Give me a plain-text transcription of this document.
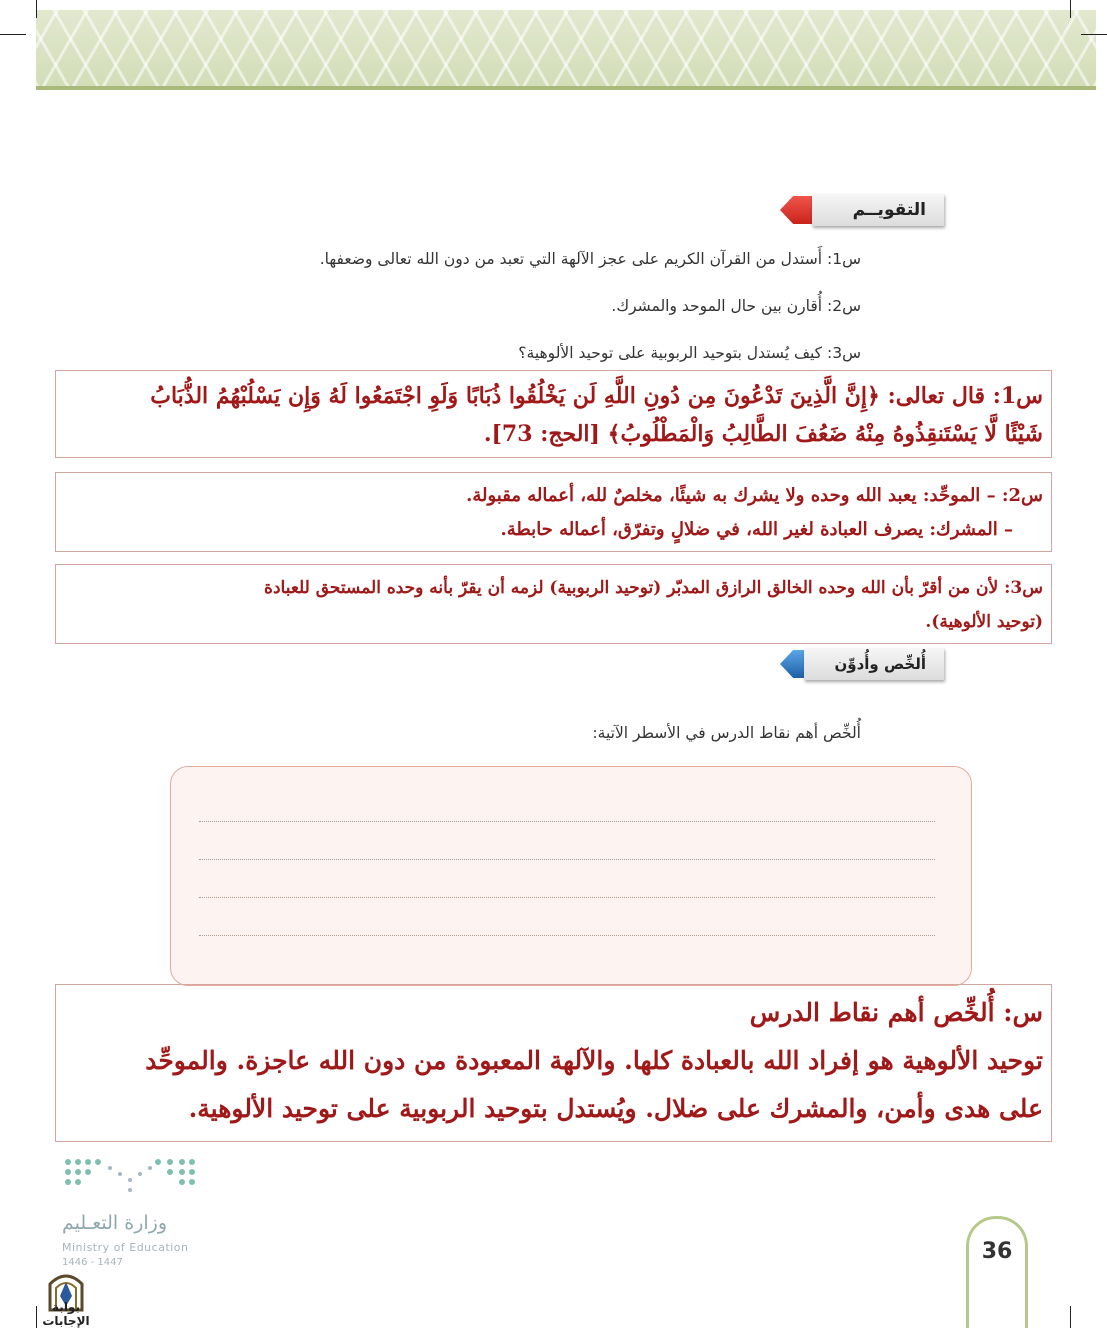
التقويــم
س1: أَستدل من القرآن الكريم على عجز الآلهة التي تعبد من دون الله تعالى وضعفها.
س2: أُقارن بين حال الموحد والمشرك.
س3: كيف يُستدل بتوحيد الربوبية على توحيد الألوهية؟
س1: قال تعالى: ﴿إِنَّ الَّذِينَ تَدْعُونَ مِن دُونِ اللَّهِ لَن يَخْلُقُوا ذُبَابًا وَلَوِ اجْتَمَعُوا لَهُ وَإِن يَسْلُبْهُمُ الذُّبَابُ
شَيْئًا لَّا يَسْتَنقِذُوهُ مِنْهُ ضَعُفَ الطَّالِبُ وَالْمَطْلُوبُ﴾ [الحج: 73].
س2: – الموحِّد: يعبد الله وحده ولا يشرك به شيئًا، مخلصٌ لله، أعماله مقبولة.
– المشرك: يصرف العبادة لغير الله، في ضلالٍ وتفرّق، أعماله حابطة.
س3: لأن من أقرّ بأن الله وحده الخالق الرازق المدبّر (توحيد الربوبية) لزمه أن يقرّ بأنه وحده المستحق للعبادة
(توحيد الألوهية).
أُلخِّص وأُدوِّن
أُلخِّص أهم نقاط الدرس في الأسطر الآتية:
س: أُلخِّص أهم نقاط الدرس
توحيد الألوهية هو إفراد الله بالعبادة كلها. والآلهة المعبودة من دون الله عاجزة. والموحِّد
على هدى وأمن، والمشرك على ضلال. ويُستدل بتوحيد الربوبية على توحيد الألوهية.
وزارة التعـليم
Ministry of Education
1446 - 1447	36
بوابة الإجابات
